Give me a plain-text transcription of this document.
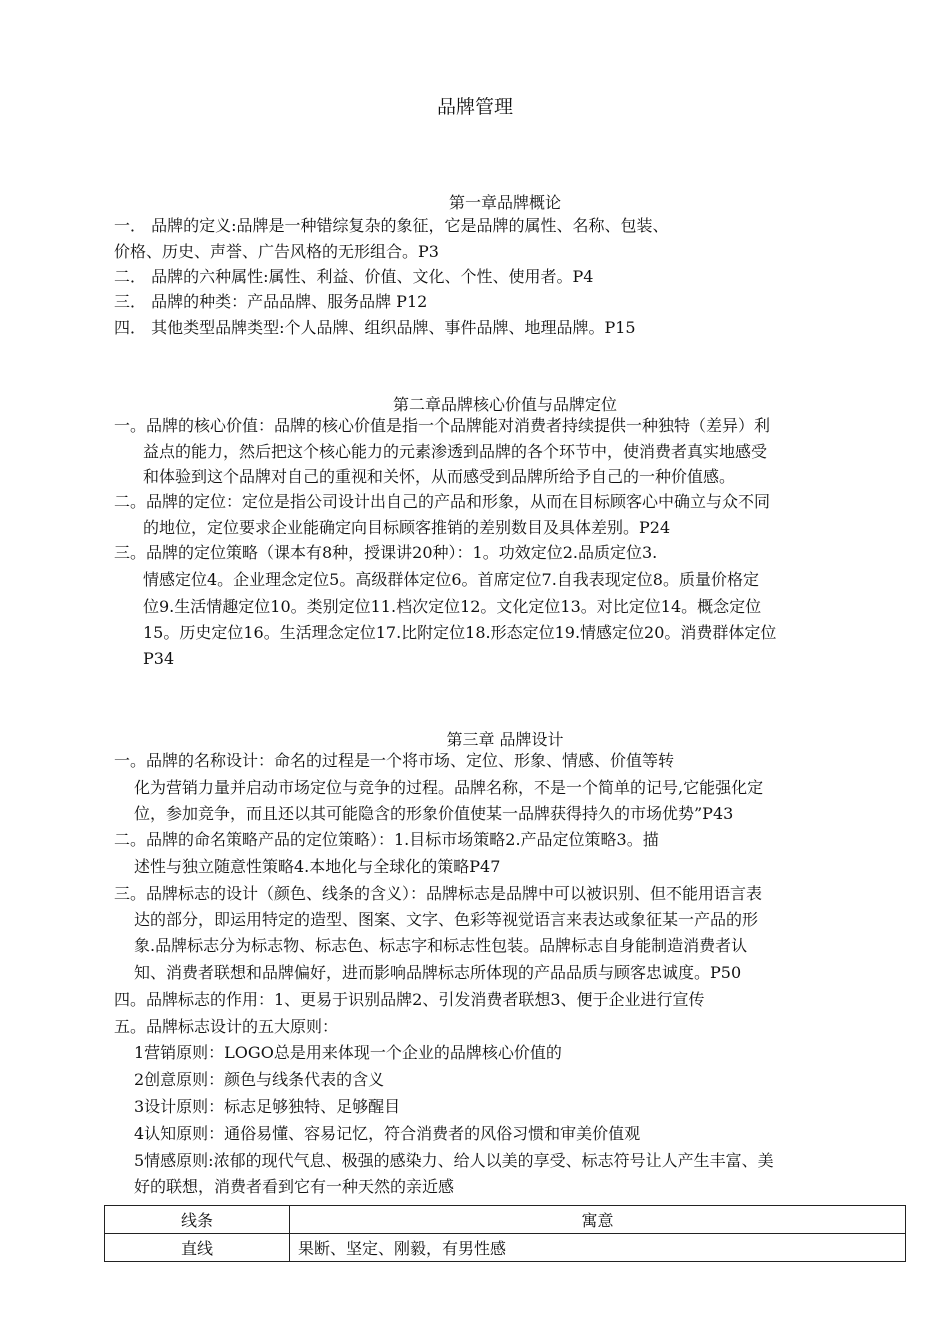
品牌管理
第一章品牌概论
一． 品牌的定义:品牌是一种错综复杂的象征，它是品牌的属性、名称、包装、
价格、历史、声誉、广告风格的无形组合。P3
二． 品牌的六种属性:属性、利益、价值、文化、个性、使用者。P4
三． 品牌的种类：产品品牌、服务品牌 P12
四． 其他类型品牌类型:个人品牌、组织品牌、事件品牌、地理品牌。P15
第二章品牌核心价值与品牌定位
一。品牌的核心价值：品牌的核心价值是指一个品牌能对消费者持续提供一种独特（差异）利
益点的能力，然后把这个核心能力的元素渗透到品牌的各个环节中，使消费者真实地感受
和体验到这个品牌对自己的重视和关怀，从而感受到品牌所给予自己的一种价值感。
二。品牌的定位：定位是指公司设计出自己的产品和形象，从而在目标顾客心中确立与众不同
的地位，定位要求企业能确定向目标顾客推销的差别数目及具体差别。P24
三。品牌的定位策略（课本有8种，授课讲20种）：1。功效定位2.品质定位3.
情感定位4。企业理念定位5。高级群体定位6。首席定位7.自我表现定位8。质量价格定
位9.生活情趣定位10。类别定位11.档次定位12。文化定位13。对比定位14。概念定位
15。历史定位16。生活理念定位17.比附定位18.形态定位19.情感定位20。消费群体定位
P34
第三章 品牌设计
一。品牌的名称设计：命名的过程是一个将市场、定位、形象、情感、价值等转
化为营销力量并启动市场定位与竞争的过程。品牌名称，不是一个简单的记号,它能强化定
位，参加竞争，而且还以其可能隐含的形象价值使某一品牌获得持久的市场优势”P43
二。品牌的命名策略产品的定位策略）：1.目标市场策略2.产品定位策略3。描
述性与独立随意性策略4.本地化与全球化的策略P47
三。品牌标志的设计（颜色、线条的含义）：品牌标志是品牌中可以被识别、但不能用语言表
达的部分，即运用特定的造型、图案、文字、色彩等视觉语言来表达或象征某一产品的形
象.品牌标志分为标志物、标志色、标志字和标志性包装。品牌标志自身能制造消费者认
知、消费者联想和品牌偏好，进而影响品牌标志所体现的产品品质与顾客忠诚度。P50
四。品牌标志的作用：1、更易于识别品牌2、引发消费者联想3、便于企业进行宣传
五。品牌标志设计的五大原则：
1营销原则：LOGO总是用来体现一个企业的品牌核心价值的
2创意原则：颜色与线条代表的含义
3设计原则：标志足够独特、足够醒目
4认知原则：通俗易懂、容易记忆，符合消费者的风俗习惯和审美价值观
5情感原则:浓郁的现代气息、极强的感染力、给人以美的享受、标志符号让人产生丰富、美
好的联想，消费者看到它有一种天然的亲近感
线条	寓意
直线	果断、坚定、刚毅，有男性感
